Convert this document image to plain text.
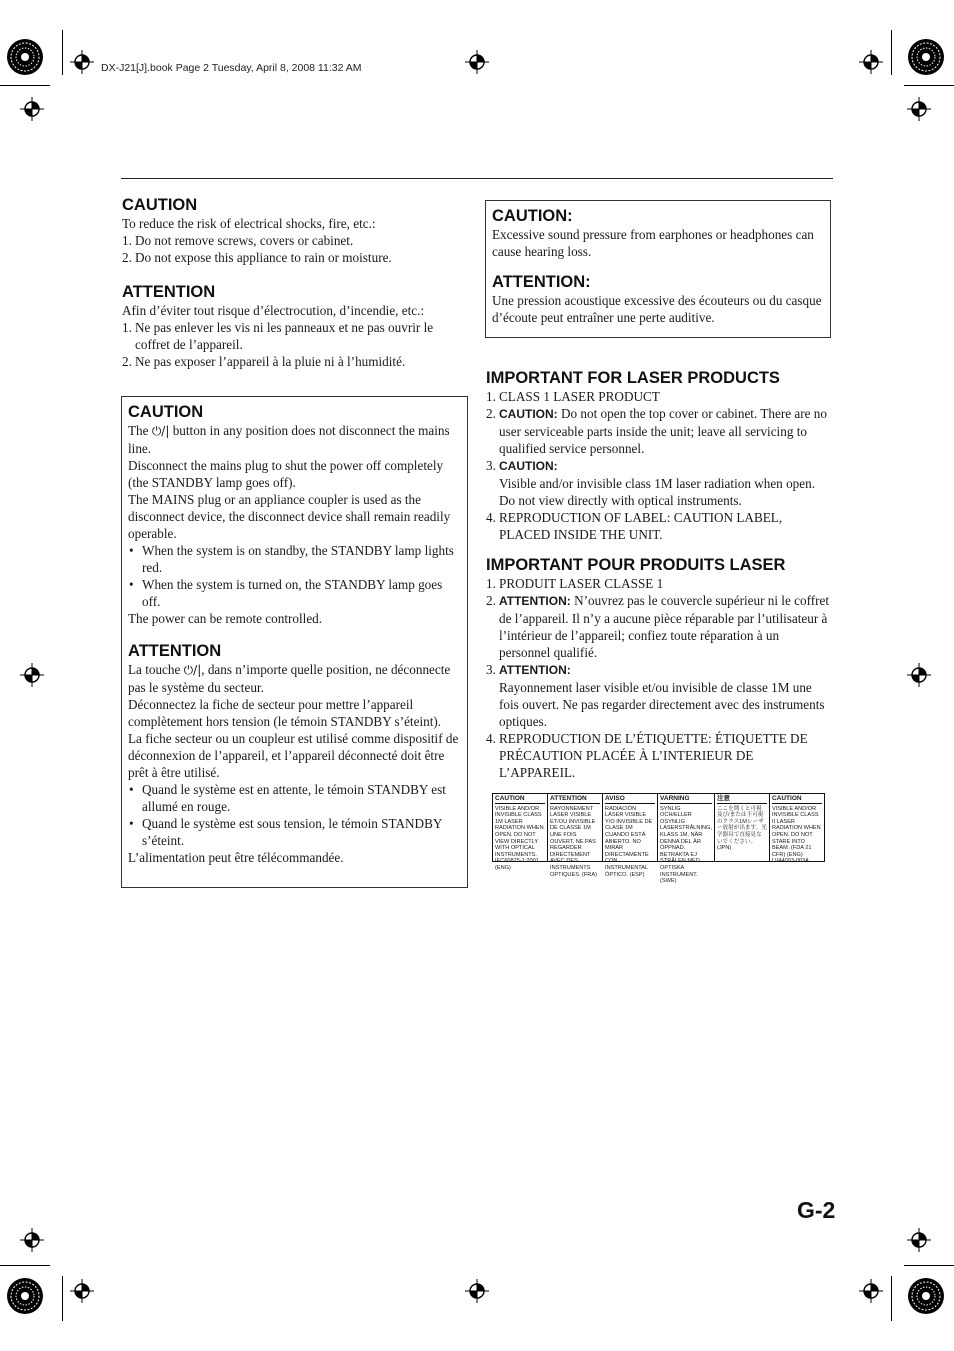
DX-J21[J].book Page 2 Tuesday, April 8, 2008 11:32 AM
CAUTION

To reduce the risk of electrical shocks, fire, etc.:

1. Do not remove screws, covers or cabinet.
2. Do not expose this appliance to rain or moisture.
ATTENTION

Afin d’éviter tout risque d’électrocution, d’incendie, etc.:

1. Ne pas enlever les vis ni les panneaux et ne pas ouvrir le coffret de l’appareil.
2. Ne pas exposer l’appareil à la pluie ni à l’humidité.
CAUTION

The ⏻/| button in any position does not disconnect the mains line.

Disconnect the mains plug to shut the power off completely (the STANDBY lamp goes off).

The MAINS plug or an appliance coupler is used as the disconnect device, the disconnect device shall remain readily operable.

• When the system is on standby, the STANDBY lamp lights red.
• When the system is turned on, the STANDBY lamp goes off.

The power can be remote controlled.

ATTENTION

La touche ⏻/|, dans n’importe quelle position, ne déconnecte pas le système du secteur.

Déconnectez la fiche de secteur pour mettre l’appareil complètement hors tension (le témoin STANDBY s’éteint).

La fiche secteur ou un coupleur est utilisé comme dispositif de déconnexion de l’appareil, et l’appareil déconnecté doit être prêt à être utilisé.

• Quand le système est en attente, le témoin STANDBY est allumé en rouge.
• Quand le système est sous tension, le témoin STANDBY s’éteint.

L’alimentation peut être télécommandée.

CAUTION:

Excessive sound pressure from earphones or headphones can cause hearing loss.

ATTENTION:

Une pression acoustique excessive des écouteurs ou du casque d’écoute peut entraîner une perte auditive.

IMPORTANT FOR LASER PRODUCTS
1. CLASS 1 LASER PRODUCT
2. CAUTION: Do not open the top cover or cabinet. There are no user serviceable parts inside the unit; leave all servicing to qualified service personnel.
3. CAUTION:
Visible and/or invisible class 1M laser radiation when open. Do not view directly with optical instruments.
4. REPRODUCTION OF LABEL: CAUTION LABEL, PLACED INSIDE THE UNIT.
IMPORTANT POUR PRODUITS LASER
1. PRODUIT LASER CLASSE 1
2. ATTENTION: N’ouvrez pas le couvercle supérieur ni le coffret de l’appareil. Il n’y a aucune pièce réparable par l’utilisateur à l’intérieur de l’appareil; confiez toute réparation à un personnel qualifié.
3. ATTENTION:
Rayonnement laser visible et/ou invisible de classe 1M une fois ouvert. Ne pas regarder directement avec des instruments optiques.
4. REPRODUCTION DE L’ÉTIQUETTE: ÉTIQUETTE DE PRÉCAUTION PLACÉE À L’INTERIEUR DE L’APPAREIL.
CAUTION
VISIBLE AND/OR INVISIBLE CLASS 1M LASER RADIATION WHEN OPEN. DO NOT VIEW DIRECTLY WITH OPTICAL INSTRUMENTS. IEC60825-1:2001 (ENG)
ATTENTION
RAYONNEMENT LASER VISIBLE ET/OU INVISIBLE DE CLASSE 1M UNE FOIS OUVERT. NE PAS REGARDER DIRECTEMENT AVEC DES INSTRUMENTS OPTIQUES. (FRA)
AVISO
RADIACIÓN LÁSER VISIBLE Y/O INVISIBLE DE CLASE 1M CUANDO ESTÁ ABIERTO. NO MIRAR DIRECTAMENTE CON INSTRUMENTAL ÓPTICO. (ESP)
VARNING
SYNLIG OCH/ELLER OSYNLIG LASERSTRÅLNING, KLASS 1M, NÄR DENNA DEL ÄR ÖPPNAD. BETRAKTA EJ STRÅLEN MED OPTISKA INSTRUMENT. (SWE)
注意
ここを開くと可視及び/または不可視のクラス1Mレーザー放射が出ます。光学器具で直接見ないでください。(JPN)
CAUTION
VISIBLE AND/OR INVISIBLE CLASS II LASER RADIATION WHEN OPEN. DO NOT STARE INTO BEAM. (FDA 21 CFR) (ENG) LV44093-003A
G-2
